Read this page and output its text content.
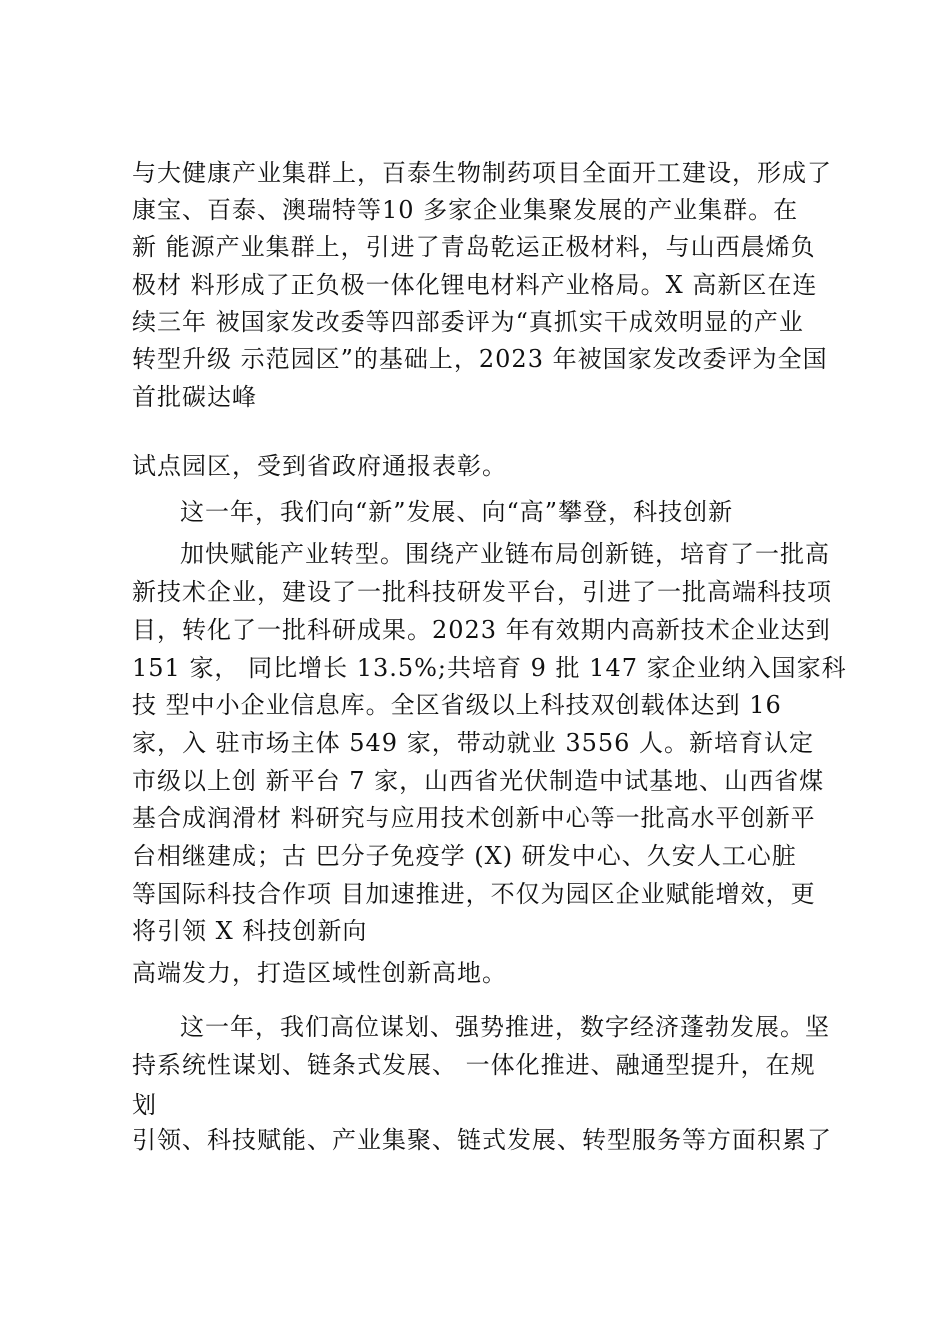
与大健康产业集群上，百泰生物制药项目全面开工建设，形成了
康宝、百泰、澳瑞特等10 多家企业集聚发展的产业集群。在
新 能源产业集群上，引进了青岛乾运正极材料，与山西晨烯负
极材 料形成了正负极一体化锂电材料产业格局。X 高新区在连
续三年 被国家发改委等四部委评为“真抓实干成效明显的产业
转型升级 示范园区”的基础上，2023 年被国家发改委评为全国
首批碳达峰
试点园区，受到省政府通报表彰。
这一年，我们向“新”发展、向“高”攀登，科技创新
加快赋能产业转型。围绕产业链布局创新链，培育了一批高
新技术企业，建设了一批科技研发平台，引进了一批高端科技项
目，转化了一批科研成果。2023 年有效期内高新技术企业达到
151 家， 同比增长 13.5%;共培育 9 批 147 家企业纳入国家科
技 型中小企业信息库。全区省级以上科技双创载体达到 16
家，入 驻市场主体 549 家，带动就业 3556 人。新培育认定
市级以上创 新平台 7 家，山西省光伏制造中试基地、山西省煤
基合成润滑材 料研究与应用技术创新中心等一批高水平创新平
台相继建成；古 巴分子免疫学 (X) 研发中心、久安人工心脏
等国际科技合作项 目加速推进，不仅为园区企业赋能增效，更
将引领 X 科技创新向
高端发力，打造区域性创新高地。
这一年，我们高位谋划、强势推进，数字经济蓬勃发展。坚
持系统性谋划、链条式发展、 一体化推进、融通型提升，在规
划
引领、科技赋能、产业集聚、链式发展、转型服务等方面积累了
